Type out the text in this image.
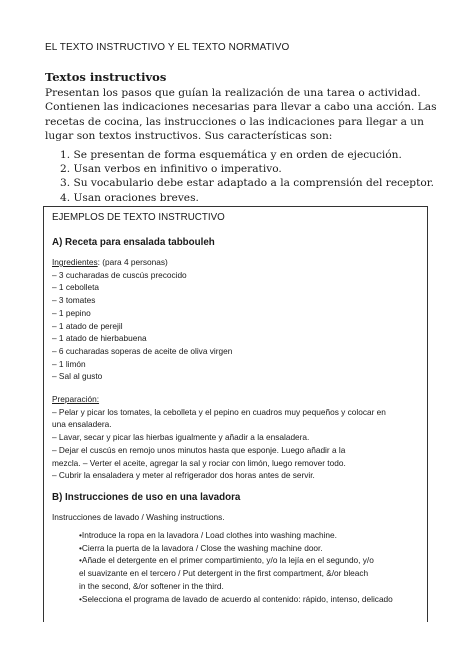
EL TEXTO INSTRUCTIVO Y EL TEXTO NORMATIVO
Textos instructivos

Presentan los pasos que guían la realización de una tarea o actividad. Contienen las indicaciones necesarias para llevar a cabo una acción. Las recetas de cocina, las instrucciones o las indicaciones para llegar a un lugar son textos instructivos. Sus características son:

1. Se presentan de forma esquemática y en orden de ejecución.
2. Usan verbos en infinitivo o imperativo.
3. Su vocabulario debe estar adaptado a la comprensión del receptor.
4. Usan oraciones breves.
EJEMPLOS DE TEXTO INSTRUCTIVO
A) Receta para ensalada tabbouleh
Ingredientes: (para 4 personas)
– 3 cucharadas de cuscús precocido
– 1 cebolleta
– 3 tomates
– 1 pepino
– 1 atado de perejil
– 1 atado de hierbabuena
– 6 cucharadas soperas de aceite de oliva virgen
– 1 limón
– Sal al gusto
Preparación:
– Pelar y picar los tomates, la cebolleta y el pepino en cuadros muy pequeños y colocar en
una ensaladera.
– Lavar, secar y picar las hierbas igualmente y añadir a la ensaladera.
– Dejar el cuscús en remojo unos minutos hasta que esponje. Luego añadir a la
mezcla. – Verter el aceite, agregar la sal y rociar con limón, luego remover todo.
– Cubrir la ensaladera y meter al refrigerador dos horas antes de servir.
B) Instrucciones de uso en una lavadora
Instrucciones de lavado / Washing instructions.
•Introduce la ropa en la lavadora / Load clothes into washing machine.
•Cierra la puerta de la lavadora / Close the washing machine door.
•Añade el detergente en el primer compartimiento, y/o la lejía en el segundo, y/o
el suavizante en el tercero / Put detergent in the first compartment, &/or bleach
in the second, &/or softener in the third.
•Selecciona el programa de lavado de acuerdo al contenido: rápido, intenso, delicado
